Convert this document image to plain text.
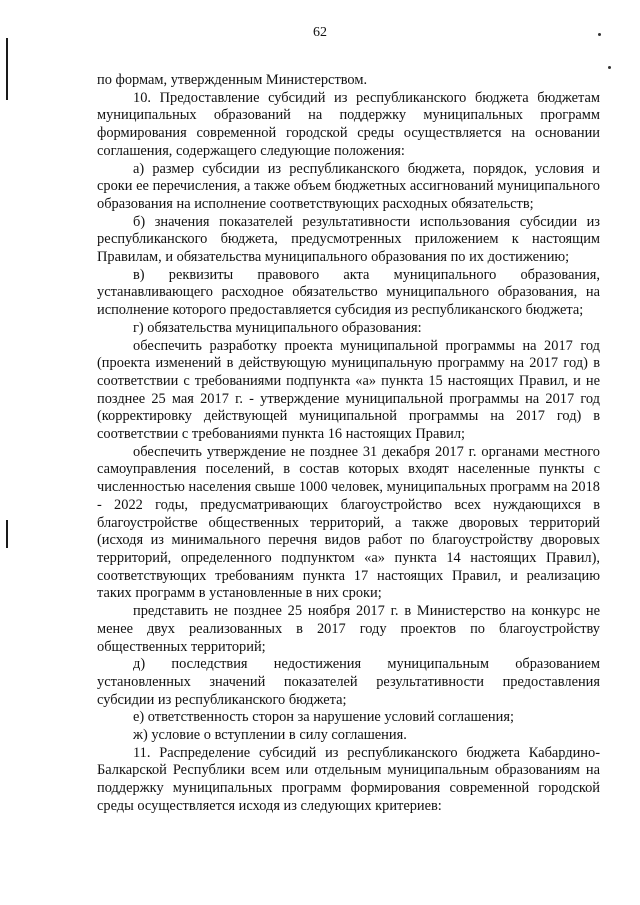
62

по формам, утвержденным Министерством.

10. Предоставление субсидий из республиканского бюджета бюджетам муниципальных образований на поддержку муниципальных программ формирования современной городской среды осуществляется на основании соглашения, содержащего следующие положения:

а) размер субсидии из республиканского бюджета, порядок, условия и сроки ее перечисления, а также объем бюджетных ассигнований муниципального образования на исполнение соответствующих расходных обязательств;

б) значения показателей результативности использования субсидии из республиканского бюджета, предусмотренных приложением к настоящим Правилам, и обязательства муниципального образования по их достижению;

в) реквизиты правового акта муниципального образования, устанавливающего расходное обязательство муниципального образования, на исполнение которого предоставляется субсидия из республиканского бюджета;

г) обязательства муниципального образования:

обеспечить разработку проекта муниципальной программы на 2017 год (проекта изменений в действующую муниципальную программу на 2017 год) в соответствии с требованиями подпункта «а» пункта 15 настоящих Правил, и не позднее 25 мая 2017 г. - утверждение муниципальной программы на 2017 год (корректировку действующей муниципальной программы на 2017 год) в соответствии с требованиями пункта 16 настоящих Правил;

обеспечить утверждение не позднее 31 декабря 2017 г. органами местного самоуправления поселений, в состав которых входят населенные пункты с численностью населения свыше 1000 человек, муниципальных программ на 2018 - 2022 годы, предусматривающих благоустройство всех нуждающихся в благоустройстве общественных территорий, а также дворовых территорий (исходя из минимального перечня видов работ по благоустройству дворовых территорий, определенного подпунктом «а» пункта 14 настоящих Правил), соответствующих требованиям пункта 17 настоящих Правил, и реализацию таких программ в установленные в них сроки;

представить не позднее 25 ноября 2017 г. в Министерство на конкурс не менее двух реализованных в 2017 году проектов по благоустройству общественных территорий;

д) последствия недостижения муниципальным образованием установленных значений показателей результативности предоставления субсидии из республиканского бюджета;

е) ответственность сторон за нарушение условий соглашения;

ж) условие о вступлении в силу соглашения.

11. Распределение субсидий из республиканского бюджета Кабардино-Балкарской Республики всем или отдельным муниципальным образованиям на поддержку муниципальных программ формирования современной городской среды осуществляется исходя из следующих критериев:
